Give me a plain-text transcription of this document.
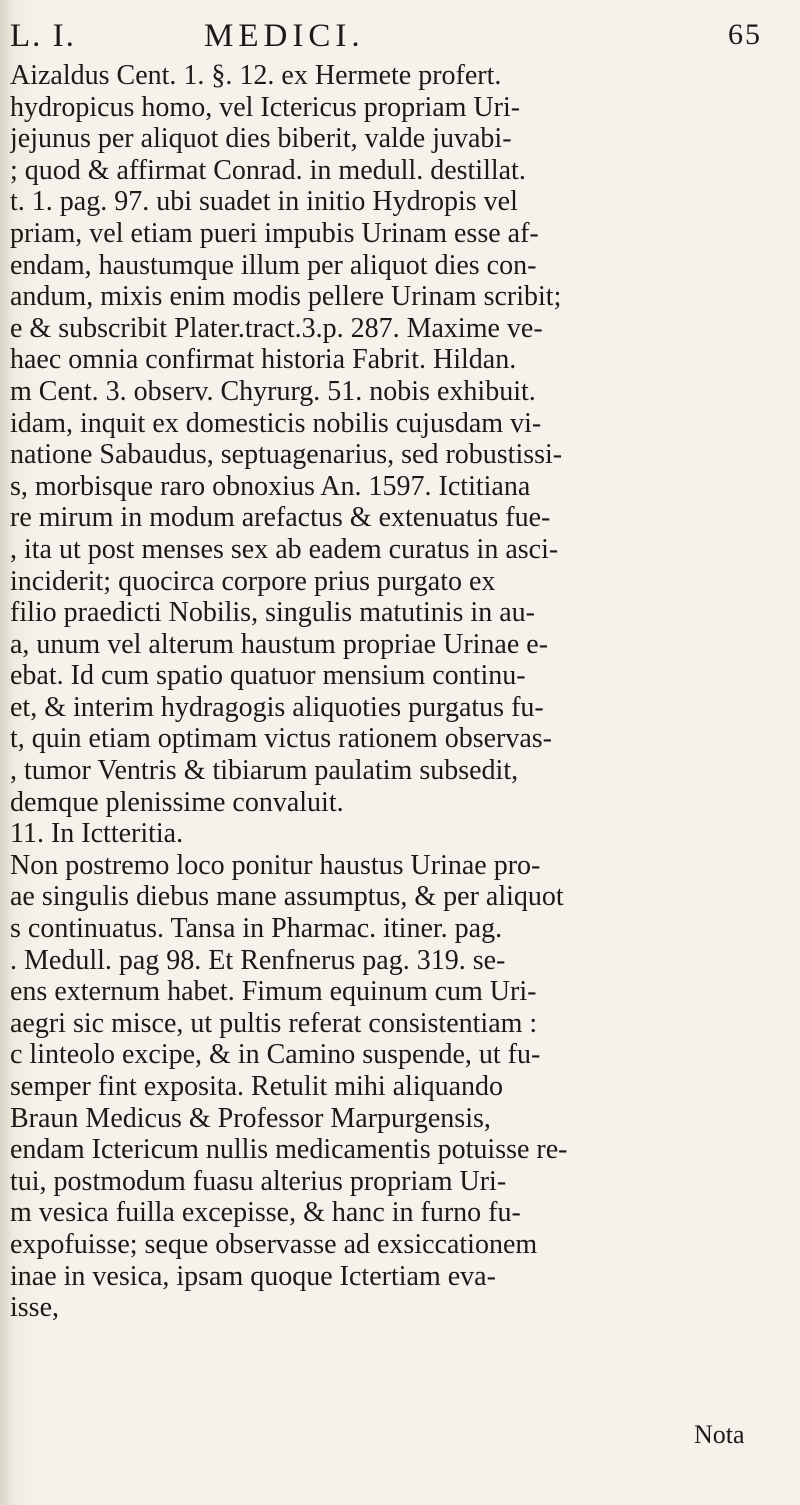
L. I.	MEDICI.	65
Aizaldus Cent. 1. §. 12. ex Hermete profert.
hydropicus homo, vel Ictericus propriam Uri-
jejunus per aliquot dies biberit, valde juvabi-
; quod & affirmat Conrad. in medull. destillat.
t. 1. pag. 97. ubi suadet in initio Hydropis vel
priam, vel etiam pueri impubis Urinam esse af-
endam, haustumque illum per aliquot dies con-
andum, mixis enim modis pellere Urinam scribit;
e & subscribit Plater.tract.3.p. 287. Maxime ve-
haec omnia confirmat historia Fabrit. Hildan.
m Cent. 3. observ. Chyrurg. 51. nobis exhibuit.
idam, inquit ex domesticis nobilis cujusdam vi-
natione Sabaudus, septuagenarius, sed robustissi-
s, morbisque raro obnoxius An. 1597. Ictitiana
re mirum in modum arefactus & extenuatus fue-
, ita ut post menses sex ab eadem curatus in asci-
inciderit; quocirca corpore prius purgato ex
filio praedicti Nobilis, singulis matutinis in au-
a, unum vel alterum haustum propriae Urinae e-
ebat. Id cum spatio quatuor mensium continu-
et, & interim hydragogis aliquoties purgatus fu-
t, quin etiam optimam victus rationem observas-
, tumor Ventris & tibiarum paulatim subsedit,
demque plenissime convaluit.
11. In Ictteritia.
Non postremo loco ponitur haustus Urinae pro-
ae singulis diebus mane assumptus, & per aliquot
s continuatus. Tansa in Pharmac. itiner. pag.
. Medull. pag 98. Et Renfnerus pag. 319. se-
ens externum habet. Fimum equinum cum Uri-
aegri sic misce, ut pultis referat consistentiam :
c linteolo excipe, & in Camino suspende, ut fu-
semper fint exposita. Retulit mihi aliquando
Braun Medicus & Professor Marpurgensis,
endam Ictericum nullis medicamentis potuisse re-
tui, postmodum fuasu alterius propriam Uri-
m vesica fuilla excepisse, & hanc in furno fu-
expofuisse; seque observasse ad exsiccationem
inae in vesica, ipsam quoque Ictertiam eva-
isse,
Nota
